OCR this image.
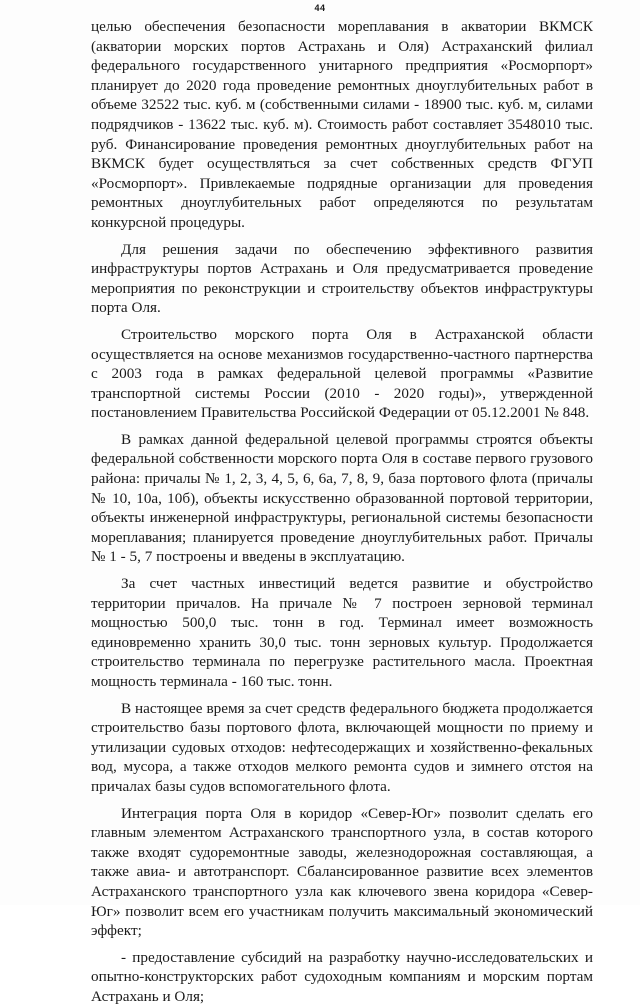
44

целью обеспечения безопасности мореплавания в акватории ВКМСК (акватории морских портов Астрахань и Оля) Астраханский филиал федерального государственного унитарного предприятия «Росморпорт» планирует до 2020 года проведение ремонтных дноуглубительных работ в объеме 32522 тыс. куб. м (собственными силами - 18900 тыс. куб. м, силами подрядчиков - 13622 тыс. куб. м). Стоимость работ составляет 3548010 тыс. руб. Финансирование проведения ремонтных дноуглубительных работ на ВКМСК будет осуществляться за счет собственных средств ФГУП «Росморпорт». Привлекаемые подрядные организации для проведения ремонтных дноуглубительных работ определяются по результатам конкурсной процедуры.

Для решения задачи по обеспечению эффективного развития инфраструктуры портов Астрахань и Оля предусматривается проведение мероприятия по реконструкции и строительству объектов инфраструктуры порта Оля.

Строительство морского порта Оля в Астраханской области осуществляется на основе механизмов государственно-частного партнерства с 2003 года в рамках федеральной целевой программы «Развитие транспортной системы России (2010 - 2020 годы)», утвержденной постановлением Правительства Российской Федерации от 05.12.2001 № 848.

В рамках данной федеральной целевой программы строятся объекты федеральной собственности морского порта Оля в составе первого грузового района: причалы № 1, 2, 3, 4, 5, 6, 6а, 7, 8, 9, база портового флота (причалы № 10, 10а, 10б), объекты искусственно образованной портовой территории, объекты инженерной инфраструктуры, региональной системы безопасности мореплавания; планируется проведение дноуглубительных работ. Причалы № 1 - 5, 7 построены и введены в эксплуатацию.

За счет частных инвестиций ведется развитие и обустройство территории причалов. На причале № 7 построен зерновой терминал мощностью 500,0 тыс. тонн в год. Терминал имеет возможность единовременно хранить 30,0 тыс. тонн зерновых культур. Продолжается строительство терминала по перегрузке растительного масла. Проектная мощность терминала - 160 тыс. тонн.

В настоящее время за счет средств федерального бюджета продолжается строительство базы портового флота, включающей мощности по приему и утилизации судовых отходов: нефтесодержащих и хозяйственно-фекальных вод, мусора, а также отходов мелкого ремонта судов и зимнего отстоя на причалах базы судов вспомогательного флота.

Интеграция порта Оля в коридор «Север-Юг» позволит сделать его главным элементом Астраханского транспортного узла, в состав которого также входят судоремонтные заводы, железнодорожная составляющая, а также авиа- и автотранспорт. Сбалансированное развитие всех элементов Астраханского транспортного узла как ключевого звена коридора «Север-Юг» позволит всем его участникам получить максимальный экономический эффект;

- предоставление субсидий на разработку научно-исследовательских и опытно-конструкторских работ судоходным компаниям и морским портам Астрахань и Оля;
